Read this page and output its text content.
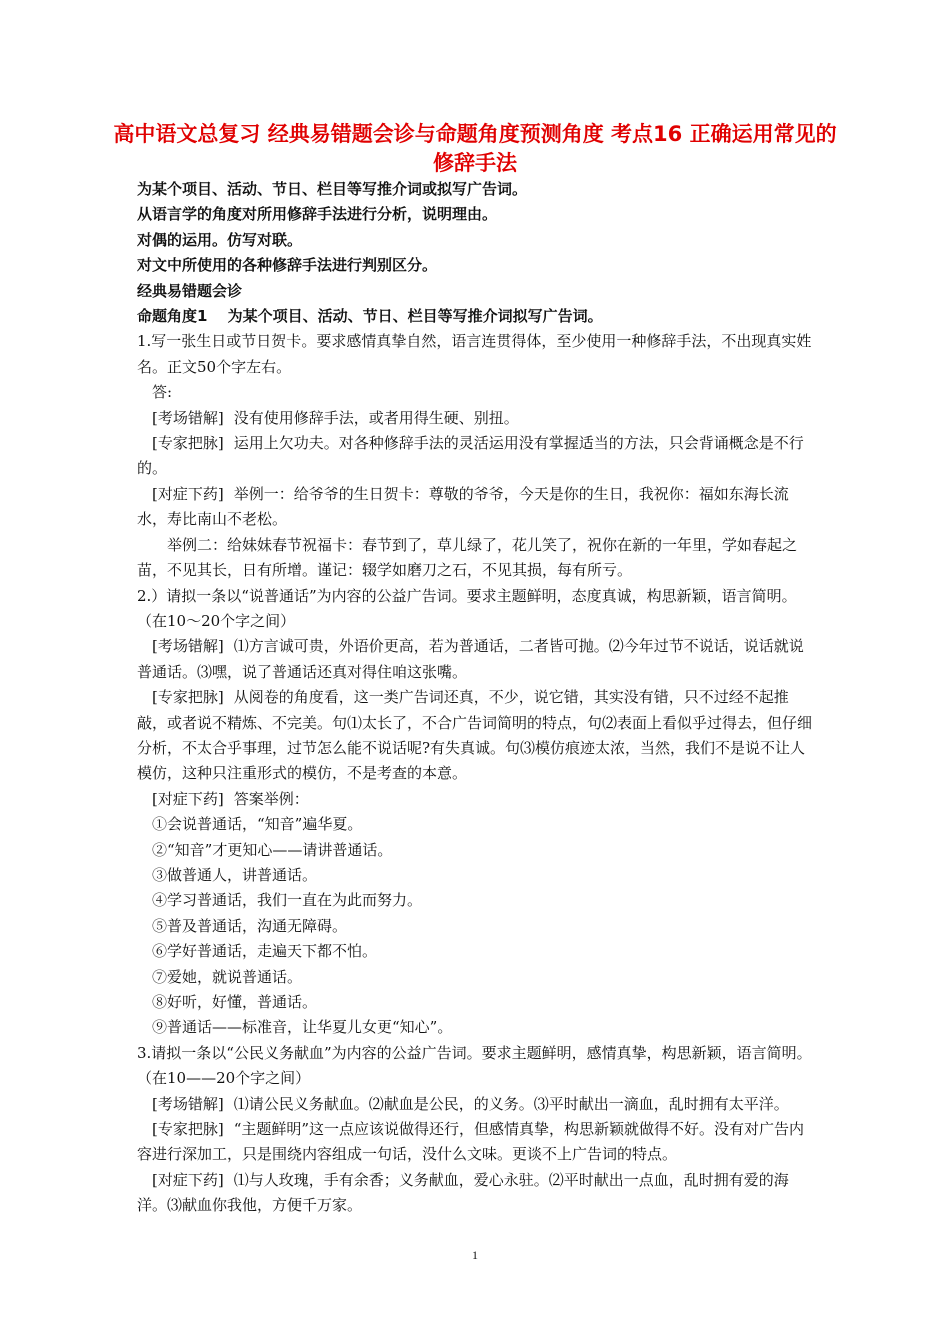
高中语文总复习 经典易错题会诊与命题角度预测角度 考点16 正确运用常见的修辞手法

为某个项目、活动、节日、栏目等写推介词或拟写广告词。

从语言学的角度对所用修辞手法进行分析，说明理由。

对偶的运用。仿写对联。

对文中所使用的各种修辞手法进行判别区分。

经典易错题会诊

命题角度1　 为某个项目、活动、节日、栏目等写推介词拟写广告词。

1.写一张生日或节日贺卡。要求感情真挚自然，语言连贯得体，至少使用一种修辞手法，不出现真实姓名。正文50个字左右。

答:

[考场错解] 没有使用修辞手法，或者用得生硬、别扭。

[专家把脉] 运用上欠功夫。对各种修辞手法的灵活运用没有掌握适当的方法，只会背诵概念是不行的。

[对症下药] 举例一：给爷爷的生日贺卡：尊敬的爷爷，今天是你的生日，我祝你：福如东海长流水，寿比南山不老松。

举例二：给妹妹春节祝福卡：春节到了，草儿绿了，花儿笑了，祝你在新的一年里，学如春起之苗，不见其长，日有所增。谨记：辍学如磨刀之石，不见其损，每有所亏。

2.）请拟一条以“说普通话”为内容的公益广告词。要求主题鲜明，态度真诚，构思新颖，语言简明。（在10～20个字之间）

[考场错解] ⑴方言诚可贵，外语价更高，若为普通话，二者皆可抛。⑵今年过节不说话，说话就说普通话。⑶嘿，说了普通话还真对得住咱这张嘴。

[专家把脉] 从阅卷的角度看，这一类广告词还真，不少，说它错，其实没有错，只不过经不起推敲，或者说不精炼、不完美。句⑴太长了，不合广告词简明的特点，句⑵表面上看似乎过得去，但仔细分析，不太合乎事理，过节怎么能不说话呢?有失真诚。句⑶模仿痕迹太浓，当然，我们不是说不让人模仿，这种只注重形式的模仿，不是考查的本意。

[对症下药] 答案举例：

①会说普通话，“知音”遍华夏。

②“知音”才更知心——请讲普通话。

③做普通人，讲普通话。

④学习普通话，我们一直在为此而努力。

⑤普及普通话，沟通无障碍。

⑥学好普通话，走遍天下都不怕。

⑦爱她，就说普通话。

⑧好听，好懂，普通话。

⑨普通话——标准音，让华夏儿女更“知心”。

3.请拟一条以“公民义务献血”为内容的公益广告词。要求主题鲜明，感情真挚，构思新颖，语言简明。（在10——20个字之间）

[考场错解] ⑴请公民义务献血。⑵献血是公民，的义务。⑶平时献出一滴血，乱时拥有太平洋。

[专家把脉] “主题鲜明”这一点应该说做得还行，但感情真挚，构思新颖就做得不好。没有对广告内容进行深加工，只是围绕内容组成一句话，没什么文味。更谈不上广告词的特点。

[对症下药] ⑴与人玫瑰，手有余香；义务献血，爱心永驻。⑵平时献出一点血，乱时拥有爱的海洋。⑶献血你我他，方便千万家。

1
